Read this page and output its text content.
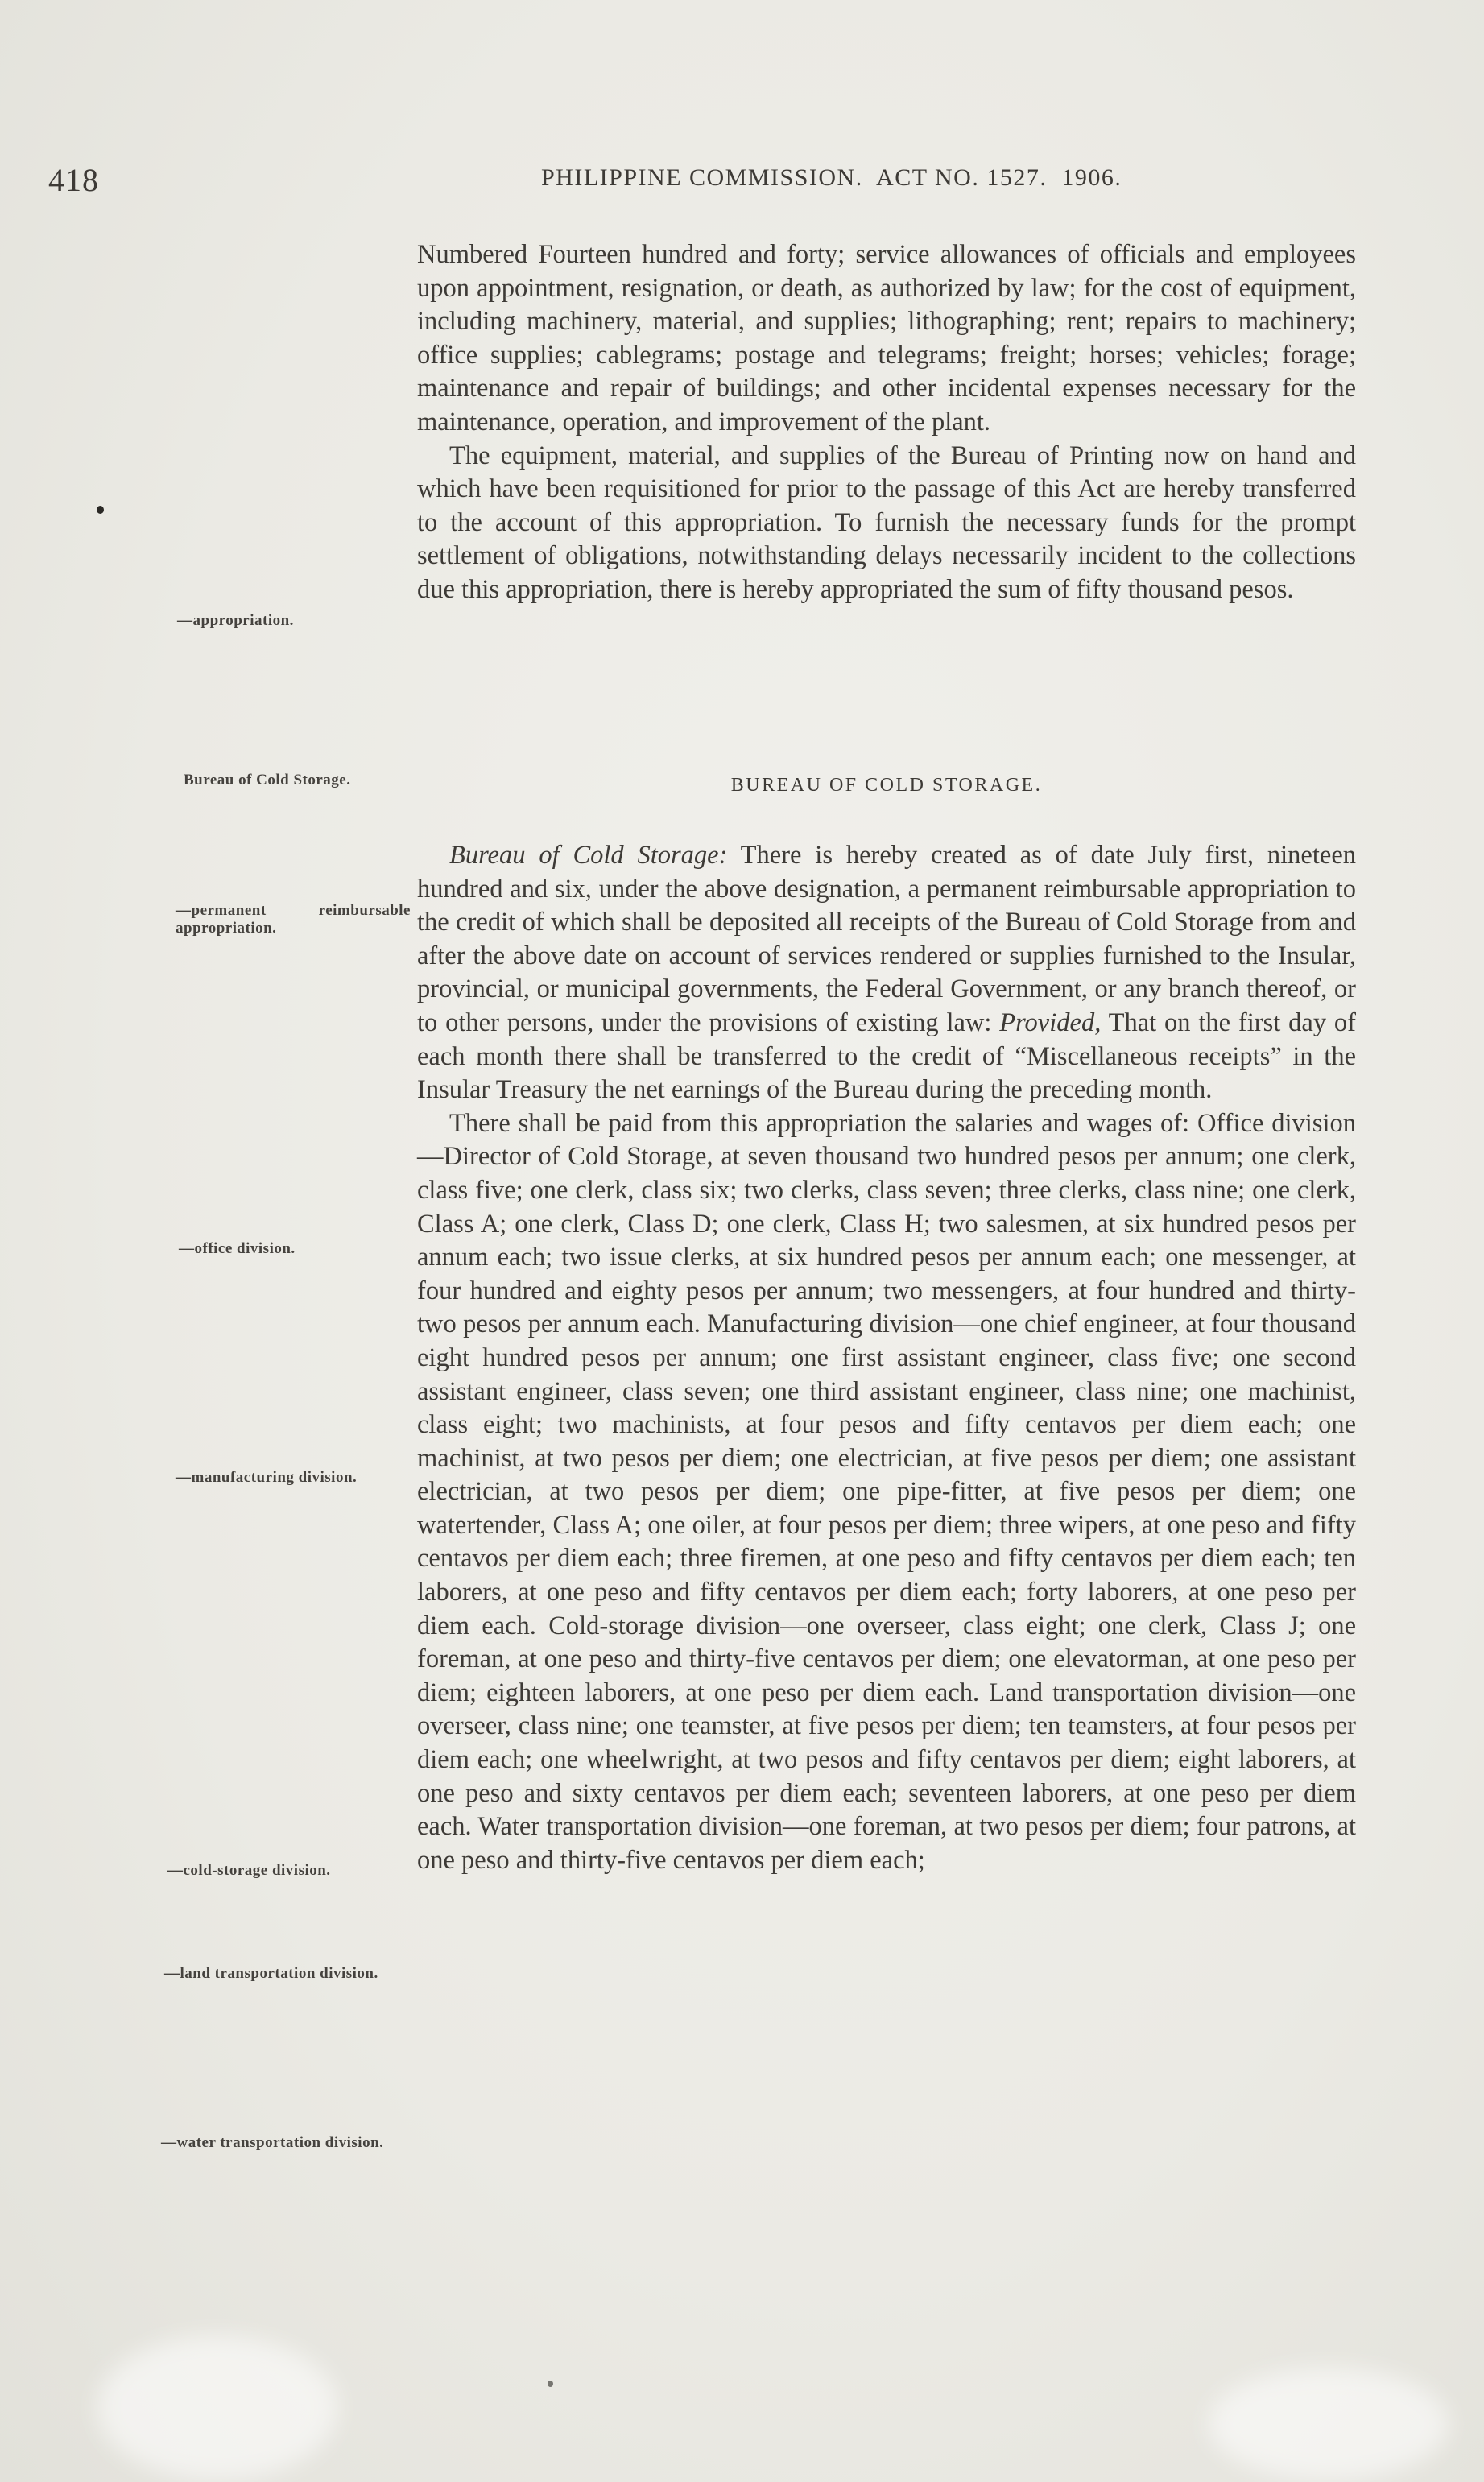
418	PHILIPPINE COMMISSION.  ACT NO. 1527.  1906.

Numbered Fourteen hundred and forty; service allowances of officials and employees upon appointment, resignation, or death, as authorized by law; for the cost of equipment, including machinery, material, and supplies; lithographing; rent; repairs to machinery; office supplies; cablegrams; postage and telegrams; freight; horses; vehicles; forage; maintenance and repair of buildings; and other incidental expenses necessary for the maintenance, operation, and improvement of the plant.

The equipment, material, and supplies of the Bureau of Printing now on hand and which have been requisitioned for prior to the passage of this Act are hereby transferred to the account of this appropriation. To furnish the necessary funds for the prompt settlement of obligations, notwithstanding delays necessarily incident to the collections due this appropriation, there is hereby appropriated the sum of fifty thousand pesos.

BUREAU OF COLD STORAGE.

Bureau of Cold Storage: There is hereby created as of date July first, nineteen hundred and six, under the above designation, a permanent reimbursable appropriation to the credit of which shall be deposited all receipts of the Bureau of Cold Storage from and after the above date on account of services rendered or supplies furnished to the Insular, provincial, or municipal governments, the Federal Government, or any branch thereof, or to other persons, under the provisions of existing law: Provided, That on the first day of each month there shall be transferred to the credit of “Miscellaneous receipts” in the Insular Treasury the net earnings of the Bureau during the preceding month.

There shall be paid from this appropriation the salaries and wages of: Office division—Director of Cold Storage, at seven thousand two hundred pesos per annum; one clerk, class five; one clerk, class six; two clerks, class seven; three clerks, class nine; one clerk, Class A; one clerk, Class D; one clerk, Class H; two salesmen, at six hundred pesos per annum each; two issue clerks, at six hundred pesos per annum each; one messenger, at four hundred and eighty pesos per annum; two messengers, at four hundred and thirty-two pesos per annum each. Manufacturing division—one chief engineer, at four thousand eight hundred pesos per annum; one first assistant engineer, class five; one second assistant engineer, class seven; one third assistant engineer, class nine; one machinist, class eight; two machinists, at four pesos and fifty centavos per diem each; one machinist, at two pesos per diem; one electrician, at five pesos per diem; one assistant electrician, at two pesos per diem; one pipe-fitter, at five pesos per diem; one watertender, Class A; one oiler, at four pesos per diem; three wipers, at one peso and fifty centavos per diem each; three firemen, at one peso and fifty centavos per diem each; ten laborers, at one peso and fifty centavos per diem each; forty laborers, at one peso per diem each. Cold-storage division—one overseer, class eight; one clerk, Class J; one foreman, at one peso and thirty-five centavos per diem; one elevatorman, at one peso per diem; eighteen laborers, at one peso per diem each. Land transportation division—one overseer, class nine; one teamster, at five pesos per diem; ten teamsters, at four pesos per diem each; one wheelwright, at two pesos and fifty centavos per diem; eight laborers, at one peso and sixty centavos per diem each; seventeen laborers, at one peso per diem each. Water transportation division—one foreman, at two pesos per diem; four patrons, at one peso and thirty-five centavos per diem each;

—appropriation.
Bureau of Cold Storage.
—permanent reimbursable appropriation.
—office division.
—manufacturing division.
—cold-storage division.
—land transportation division.
—water transportation division.
